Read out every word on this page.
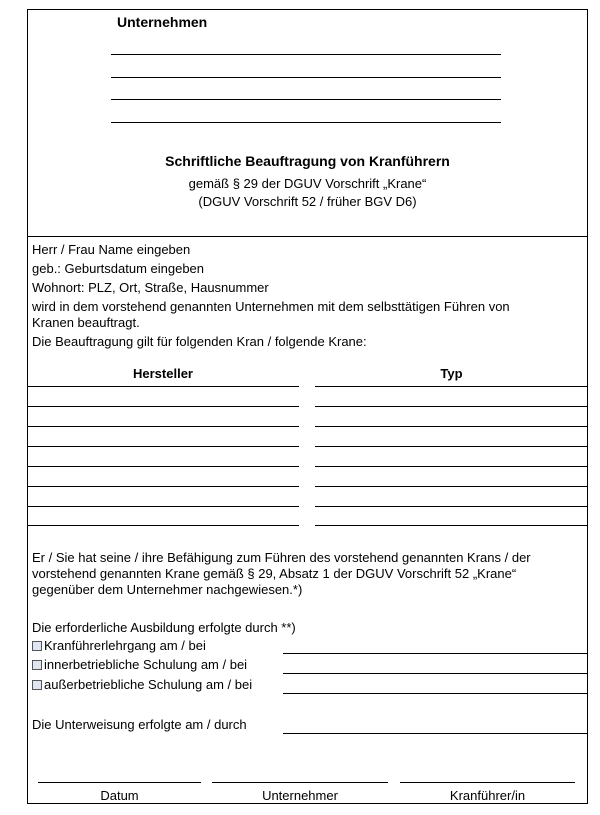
Unternehmen
Schriftliche Beauftragung von Kranführern
gemäß § 29 der DGUV Vorschrift „Krane“
(DGUV Vorschrift 52 / früher BGV D6)
Herr / Frau Name eingeben
geb.: Geburtsdatum eingeben
Wohnort: PLZ, Ort, Straße, Hausnummer
wird in dem vorstehend genannten Unternehmen mit dem selbsttätigen Führen von
Kranen beauftragt.
Die Beauftragung gilt für folgenden Kran / folgende Krane:
Hersteller	Typ
Er / Sie hat seine / ihre Befähigung zum Führen des vorstehend genannten Krans / der
vorstehend genannten Krane gemäß § 29, Absatz 1 der DGUV Vorschrift 52 „Krane“
gegenüber dem Unternehmer nachgewiesen.*)
Die erforderliche Ausbildung erfolgte durch **)
Kranführerlehrgang am / bei
innerbetriebliche Schulung am / bei
außerbetriebliche Schulung am / bei
Die Unterweisung erfolgte am / durch
Datum	Unternehmer	Kranführer/in
